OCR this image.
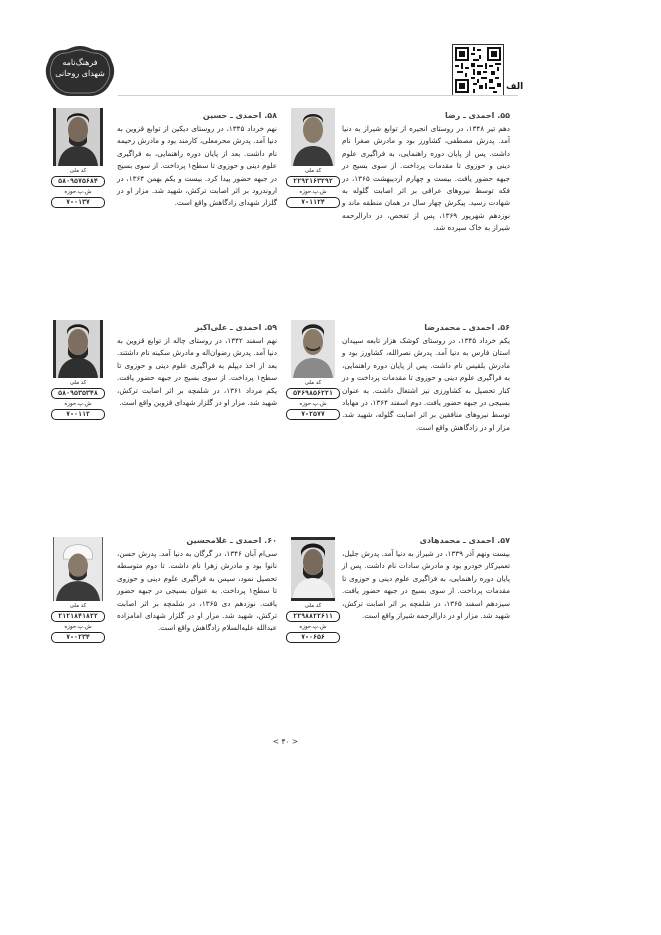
فرهنگ‌نامه
شهدای روحانی
الف
۵۵. احمدی ـ رضا
دهم تیر ۱۳۴۸، در روستای انجیره از توابع شیراز به دنیا آمد. پدرش مصطفی، کشاورز بود و مادرش صغرا نام داشت. پس از پایان دوره راهنمایی، به فراگیری علوم دینی و حوزوی تا مقدمات پرداخت. از سوی بسیج در جبهه حضور یافت. بیست و چهارم اردیبهشت ۱۳۶۵، در فکه توسط نیروهای عراقی بر اثر اصابت گلوله به شهادت رسید. پیکرش چهار سال در همان منطقه ماند و نوزدهم شهریور ۱۳۶۹، پس از تفحص، در دارالرحمه شیراز به خاک سپرده شد.
کد ملی
۲۲۹۲۱۶۳۲۹۲
ش.پ.حوزه
۷-۱۱۲۴
۵۸. احمدی ـ حسین
نهم خرداد ۱۳۴۵، در روستای دیکین از توابع قزوین به دنیا آمد. پدرش محرمعلی، کارمند بود و مادرش رحیمه نام داشت. بعد از پایان دوره راهنمایی، به فراگیری علوم دینی و حوزوی تا سطح۱ پرداخت. از سوی بسیج در جبهه حضور پیدا کرد. بیست و یکم بهمن ۱۳۶۴، در اروندرود بر اثر اصابت ترکش، شهید شد. مزار او در گلزار شهدای زادگاهش واقع است.
کد ملی
۵۸۰۹۵۷۵۶۸۴
ش.پ.حوزه
۷-۰۱۳۷
۵۶. احمدی ـ محمدرضا
یکم خرداد ۱۳۴۵، در روستای کوشک هزار تابعه سپیدان استان فارس به دنیا آمد. پدرش نصرالله، کشاورز بود و مادرش بلقیس نام داشت. پس از پایان دوره راهنمایی، به فراگیری علوم دینی و حوزوی تا مقدمات پرداخت و در کنار تحصیل به کشاورزی نیز اشتغال داشت. به عنوان بسیجی در جبهه حضور یافت. دوم اسفند ۱۳۶۴، در مهاباد توسط نیروهای منافقین بر اثر اصابت گلوله، شهید شد. مزار او در زادگاهش واقع است.
کد ملی
۵۴۶۹۸۵۶۲۲۱
ش.پ.حوزه
۷-۲۵۷۷
۵۹. احمدی ـ علی‌اکبر
نهم اسفند ۱۳۴۲، در روستای چاله از توابع قزوین به دنیا آمد. پدرش رضوان‌اله و مادرش سکینه نام داشتند. بعد از اخذ دیپلم به فراگیری علوم دینی و حوزوی تا سطح۱ پرداخت. از سوی بسیج در جبهه حضور یافت. یکم مرداد ۱۳۶۱، در شلمچه بر اثر اصابت ترکش، شهید شد. مزار او در گلزار شهدای قزوین واقع است.
کد ملی
۵۸۰۹۵۳۵۳۴۸
ش.پ.حوزه
۷-۰۱۱۲
۵۷. احمدی ـ محمدهادی
بیست ونهم آذر ۱۳۳۹، در شیراز به دنیا آمد. پدرش جلیل، تعمیرکار خودرو بود و مادرش سادات نام داشت. پس از پایان دوره راهنمایی، به فراگیری علوم دینی و حوزوی تا مقدمات پرداخت. از سوی بسیج در جبهه حضور یافت. سیزدهم اسفند ۱۳۶۵، در شلمچه بر اثر اصابت ترکش، شهید شد. مزار او در دارالرحمه شیراز واقع است.
کد ملی
۲۲۹۸۸۲۲۶۱۱
ش.پ.حوزه
۷-۰۶۵۶
۶۰. احمدی ـ غلامحسین
سی‌ام آبان ۱۳۴۶، در گرگان به دنیا آمد. پدرش حسن، نانوا بود و مادرش زهرا نام داشت. تا دوم متوسطه تحصیل نمود، سپس به فراگیری علوم دینی و حوزوی تا سطح۱ پرداخت. به عنوان بسیجی در جبهه حضور یافت. نوزدهم دی ۱۳۶۵، در شلمچه بر اثر اصابت ترکش، شهید شد. مزار او در گلزار شهدای امامزاده عبدالله علیه‌السلام زادگاهش واقع است.
کد ملی
۲۱۲۱۸۴۱۸۲۲
ش.پ.حوزه
۷-۰۲۳۴
< ۴۰ >
